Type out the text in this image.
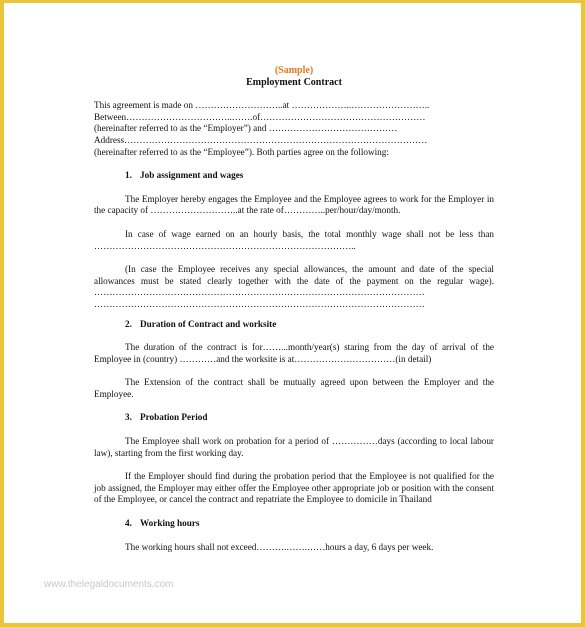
(Sample)
Employment Contract

This agreement is made on ………………………..at ………………..……………………..

Between……………………………..…….of………………………………………………

(hereinafter referred to as the “Employer”) and ……………………………………

Address………………………………………………………………………………………

(hereinafter referred to as the “Employee”). Both parties agree on the following:

1. Job assignment and wages

The Employer hereby engages the Employee and the Employee agrees to work for the Employer in the capacity of ………………………..at the rate of…………..per/hour/day/month.

In case of wage earned on an hourly basis, the total monthly wage shall not be less than …………………………………………………………………………..

(In case the Employee receives any special allowances, the amount and date of the special allowances must be stated clearly together with the date of the payment on the regular wage). ……………………………………………………………………………………………… ………………………………………………………………………………………………

2. Duration of Contract and worksite

The duration of the contract is for……...month/year(s) staring from the day of arrival of the Employee in (country) …………and the worksite is at……………………………(in detail)

The Extension of the contract shall be mutually agreed upon between the Employer and the Employee.

3. Probation Period

The Employee shall work on probation for a period of ……………days (according to local labour law), starting from the first working day.

If the Employer should find during the probation period that the Employee is not qualified for the job assigned, the Employer may either offer the Employee other appropriate job or position with the consent of the Employee, or cancel the contract and repatriate the Employee to domicile in Thailand

4. Working hours

The working hours shall not exceed……….…….……hours a day, 6 days per week.

www.thelegaldocuments.com
